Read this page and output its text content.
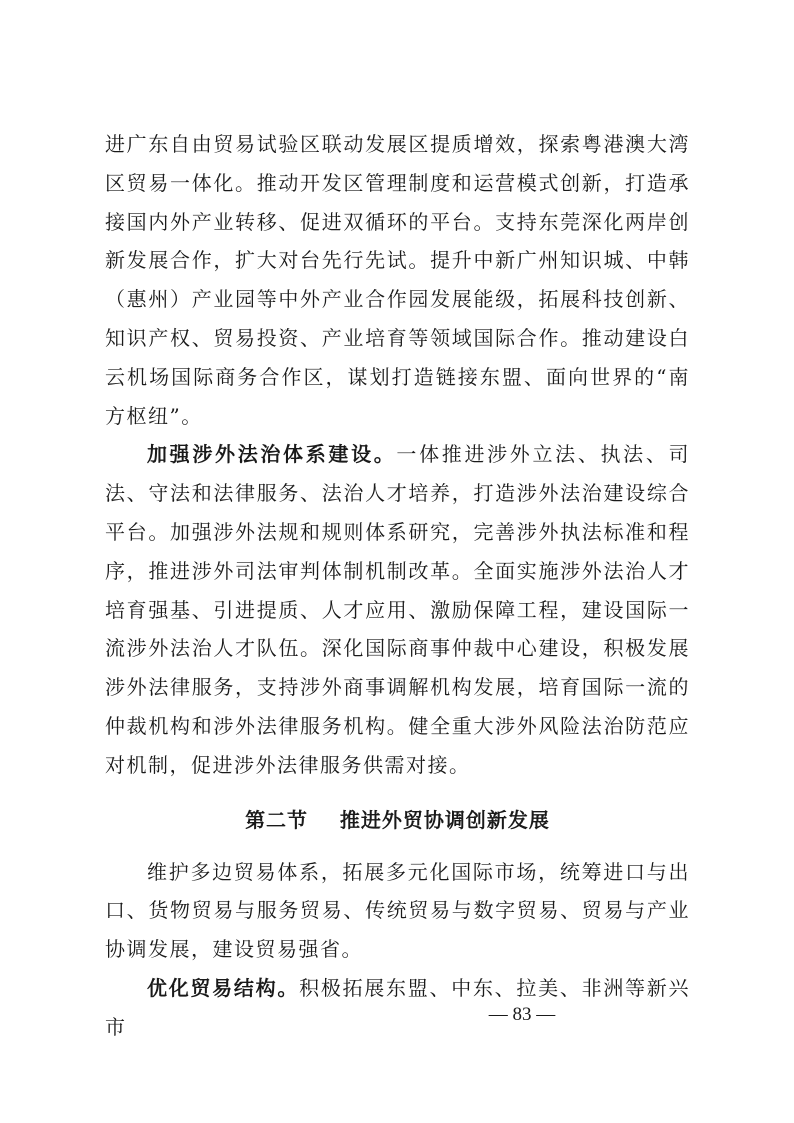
进广东自由贸易试验区联动发展区提质增效，探索粤港澳大湾区贸易一体化。推动开发区管理制度和运营模式创新，打造承接国内外产业转移、促进双循环的平台。支持东莞深化两岸创新发展合作，扩大对台先行先试。提升中新广州知识城、中韩（惠州）产业园等中外产业合作园发展能级，拓展科技创新、知识产权、贸易投资、产业培育等领域国际合作。推动建设白云机场国际商务合作区，谋划打造链接东盟、面向世界的“南方枢纽”。

加强涉外法治体系建设。一体推进涉外立法、执法、司法、守法和法律服务、法治人才培养，打造涉外法治建设综合平台。加强涉外法规和规则体系研究，完善涉外执法标准和程序，推进涉外司法审判体制机制改革。全面实施涉外法治人才培育强基、引进提质、人才应用、激励保障工程，建设国际一流涉外法治人才队伍。深化国际商事仲裁中心建设，积极发展涉外法律服务，支持涉外商事调解机构发展，培育国际一流的仲裁机构和涉外法律服务机构。健全重大涉外风险法治防范应对机制，促进涉外法律服务供需对接。

第二节    推进外贸协调创新发展

维护多边贸易体系，拓展多元化国际市场，统筹进口与出口、货物贸易与服务贸易、传统贸易与数字贸易、贸易与产业协调发展，建设贸易强省。

优化贸易结构。积极拓展东盟、中东、拉美、非洲等新兴市

— 83 —
